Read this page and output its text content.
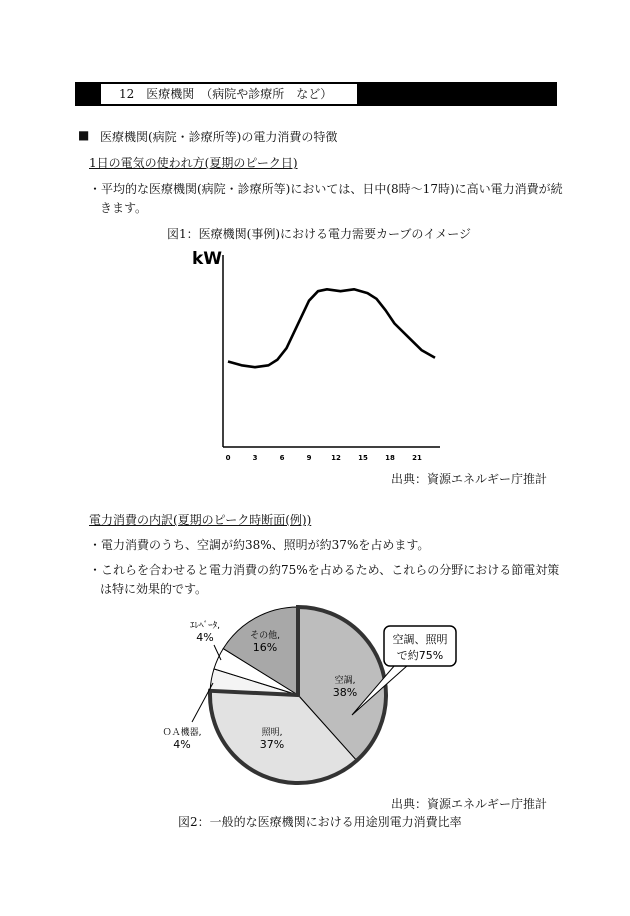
12　医療機関　（病院や診療所　など）
■ 医療機関(病院・診療所等)の電力消費の特徴
1日の電気の使われ方(夏期のピーク日)
・平均的な医療機関(病院・診療所等)においては、日中(8時～17時)に高い電力消費が続
きます。
図1：医療機関(事例)における電力需要カーブのイメージ
kW
0	3	6	9	12 15 18 21
空調,
38%
照明,
37%
ＯＡ機器,
4%
ｴﾚﾍﾞｰﾀ,
4%	その他,
16%
空調、照明
で約75%
出典：資源エネルギー庁推計
電力消費の内訳(夏期のピーク時断面(例))
・電力消費のうち、空調が約38%、照明が約37%を占めます。
・これらを合わせると電力消費の約75%を占めるため、これらの分野における節電対策
は特に効果的です。
出典：資源エネルギー庁推計
図2：一般的な医療機関における用途別電力消費比率
